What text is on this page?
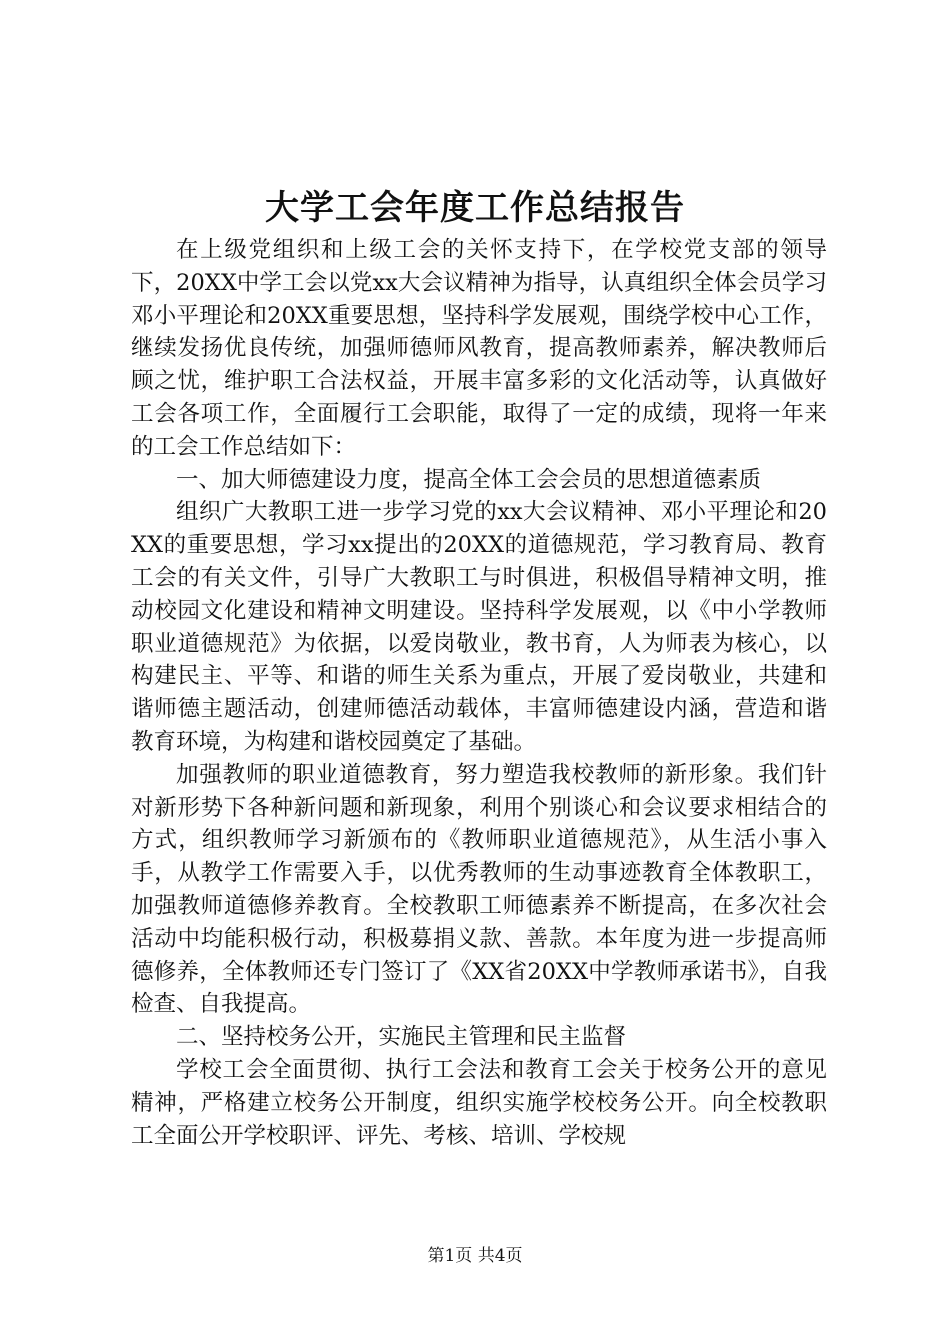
大学工会年度工作总结报告

在上级党组织和上级工会的关怀支持下，在学校党支部的领导下，20XX中学工会以党xx大会议精神为指导，认真组织全体会员学习邓小平理论和20XX重要思想，坚持科学发展观，围绕学校中心工作，继续发扬优良传统，加强师德师风教育，提高教师素养，解决教师后顾之忧，维护职工合法权益，开展丰富多彩的文化活动等，认真做好工会各项工作，全面履行工会职能，取得了一定的成绩，现将一年来的工会工作总结如下：

一、加大师德建设力度，提高全体工会会员的思想道德素质

组织广大教职工进一步学习党的xx大会议精神、邓小平理论和20XX的重要思想，学习xx提出的20XX的道德规范，学习教育局、教育工会的有关文件，引导广大教职工与时俱进，积极倡导精神文明，推动校园文化建设和精神文明建设。坚持科学发展观，以《中小学教师职业道德规范》为依据，以爱岗敬业，教书育，人为师表为核心，以构建民主、平等、和谐的师生关系为重点，开展了爱岗敬业，共建和谐师德主题活动，创建师德活动载体，丰富师德建设内涵，营造和谐教育环境，为构建和谐校园奠定了基础。

加强教师的职业道德教育，努力塑造我校教师的新形象。我们针对新形势下各种新问题和新现象，利用个别谈心和会议要求相结合的方式，组织教师学习新颁布的《教师职业道德规范》，从生活小事入手，从教学工作需要入手，以优秀教师的生动事迹教育全体教职工，加强教师道德修养教育。全校教职工师德素养不断提高，在多次社会活动中均能积极行动，积极募捐义款、善款。本年度为进一步提高师德修养，全体教师还专门签订了《XX省20XX中学教师承诺书》，自我检查、自我提高。

二、坚持校务公开，实施民主管理和民主监督

学校工会全面贯彻、执行工会法和教育工会关于校务公开的意见精神，严格建立校务公开制度，组织实施学校校务公开。向全校教职工全面公开学校职评、评先、考核、培训、学校规

第1页 共4页
